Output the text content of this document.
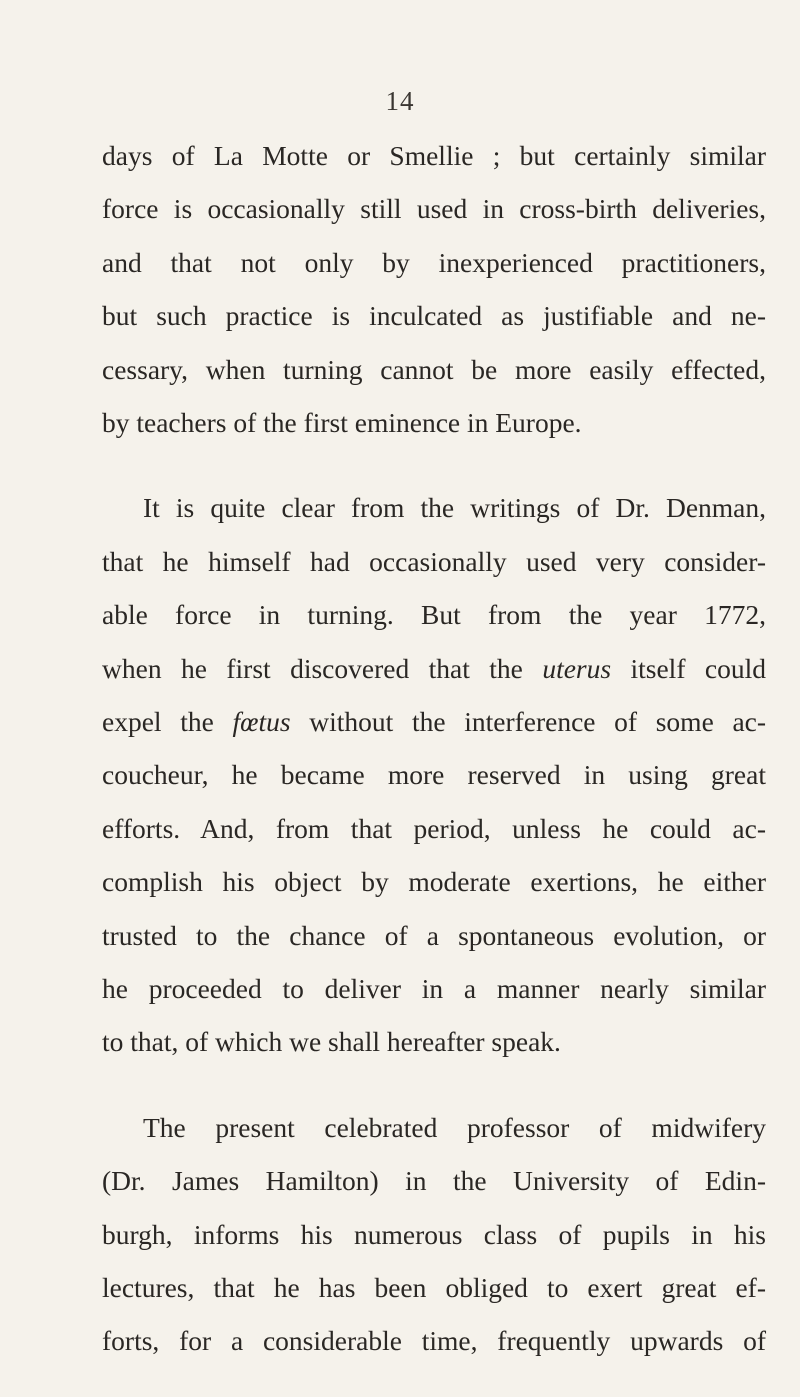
14
days of La Motte or Smellie ; but certainly similar
force is occasionally still used in cross-birth deliveries,
and that not only by inexperienced practitioners,
but such practice is inculcated as justifiable and ne-
cessary, when turning cannot be more easily effected,
by teachers of the first eminence in Europe.
It is quite clear from the writings of Dr. Denman,
that he himself had occasionally used very consider-
able force in turning. But from the year 1772,
when he first discovered that the uterus itself could
expel the fœtus without the interference of some ac-
coucheur, he became more reserved in using great
efforts. And, from that period, unless he could ac-
complish his object by moderate exertions, he either
trusted to the chance of a spontaneous evolution, or
he proceeded to deliver in a manner nearly similar
to that, of which we shall hereafter speak.
The present celebrated professor of midwifery
(Dr. James Hamilton) in the University of Edin-
burgh, informs his numerous class of pupils in his
lectures, that he has been obliged to exert great ef-
forts, for a considerable time, frequently upwards of
